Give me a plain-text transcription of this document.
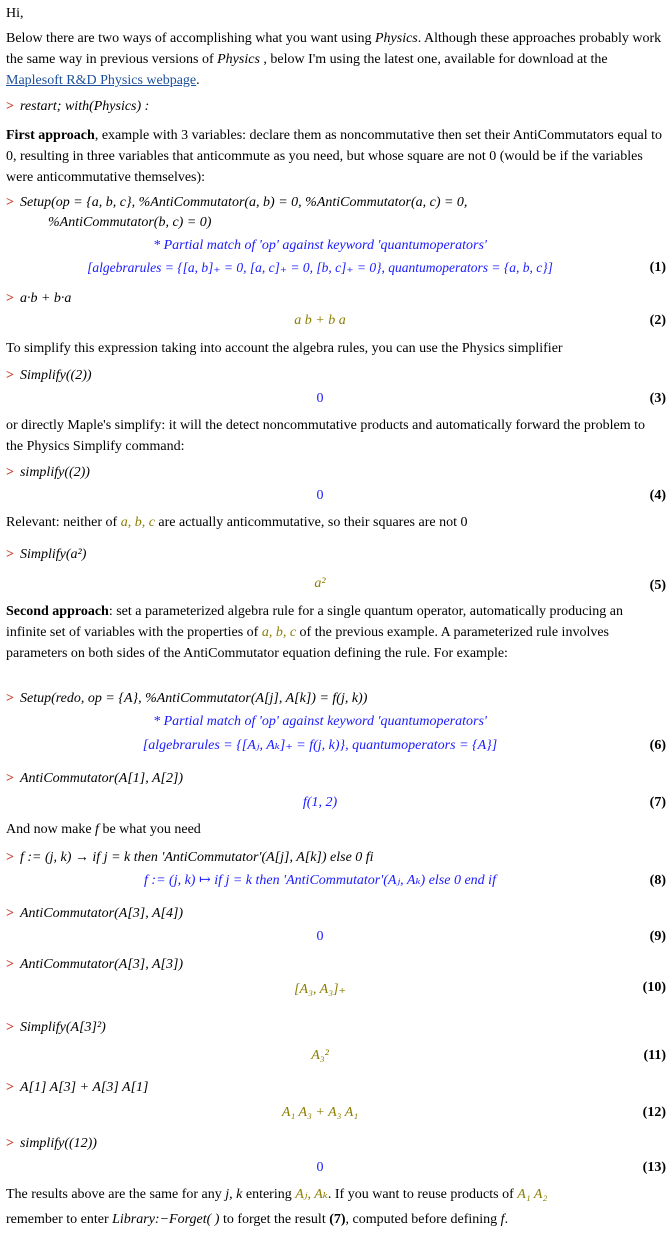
Hi,
Below there are two ways of accomplishing what you want using Physics. Although these approaches probably work the same way in previous versions of Physics , below I'm using the latest one, available for download at the Maplesoft R&D Physics webpage.
> restart; with(Physics) :
First approach, example with 3 variables: declare them as noncommutative then set their AntiCommutators equal to 0, resulting in three variables that anticommute as you need, but whose square are not 0 (would be if the variables were anticommutative themselves):
> Setup(op = {a, b, c}, %AntiCommutator(a, b) = 0, %AntiCommutator(a, c) = 0,
%AntiCommutator(b, c) = 0)
* Partial match of 'op' against keyword 'quantumoperators'
[algebrarules = {[a, b]₊ = 0, [a, c]₊ = 0, [b, c]₊ = 0}, quantumoperators = {a, b, c}]	(1)
> a·b + b·a
a b + b a	(2)
To simplify this expression taking into account the algebra rules, you can use the Physics simplifier
> Simplify((2))
0	(3)
or directly Maple's simplify: it will the detect noncommutative products and automatically forward the problem to the Physics Simplify command:
> simplify((2))
0	(4)
Relevant: neither of a, b, c are actually anticommutative, so their squares are not 0
> Simplify(a²)
a²	(5)
Second approach: set a parameterized algebra rule for a single quantum operator, automatically producing an infinite set of variables with the properties of a, b, c of the previous example. A parameterized rule involves parameters on both sides of the AntiCommutator equation defining the rule. For example:
> Setup(redo, op = {A}, %AntiCommutator(A[j], A[k]) = f(j, k))
* Partial match of 'op' against keyword 'quantumoperators'
[algebrarules = {[Aⱼ, Aₖ]₊ = f(j, k)}, quantumoperators = {A}]	(6)
> AntiCommutator(A[1], A[2])
f(1, 2)	(7)
And now make f be what you need
> f := (j, k) → if j = k then 'AntiCommutator'(A[j], A[k]) else 0 fi
f := (j, k) ↦ if j = k then 'AntiCommutator'(Aⱼ, Aₖ) else 0 end if	(8)
> AntiCommutator(A[3], A[4])
0	(9)
> AntiCommutator(A[3], A[3])
[A₃, A₃]₊	(10)
> Simplify(A[3]²)
A₃²	(11)
> A[1] A[3] + A[3] A[1]
A₁ A₃ + A₃ A₁	(12)
> simplify((12))
0	(13)
The results above are the same for any j, k entering Aⱼ, Aₖ. If you want to reuse products of A₁ A₂
remember to enter Library:−Forget( ) to forget the result (7), computed before defining f.
